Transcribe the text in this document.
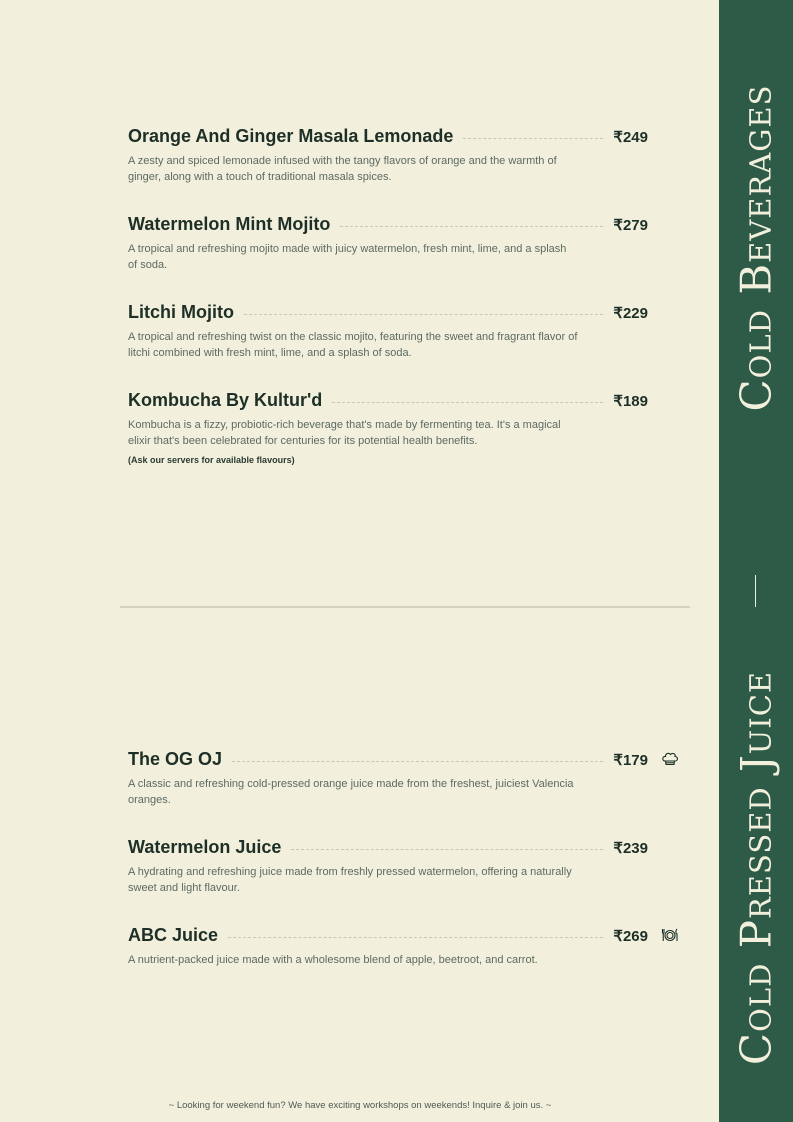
Cold Beverages
Cold Pressed Juice
Orange And Ginger Masala Lemonade	₹249
A zesty and spiced lemonade infused with the tangy flavors of orange and the warmth of ginger, along with a touch of traditional masala spices.
Watermelon Mint Mojito	₹279
A tropical and refreshing mojito made with juicy watermelon, fresh mint, lime, and a splash of soda.
Litchi Mojito	₹229
A tropical and refreshing twist on the classic mojito, featuring the sweet and fragrant flavor of litchi combined with fresh mint, lime, and a splash of soda.
Kombucha By Kultur'd	₹189
Kombucha is a fizzy, probiotic-rich beverage that's made by fermenting tea. It's a magical elixir that's been celebrated for centuries for its potential health benefits.
(Ask our servers for available flavours)
The OG OJ	₹179
A classic and refreshing cold-pressed orange juice made from the freshest, juiciest Valencia oranges.
Watermelon Juice	₹239
A hydrating and refreshing juice made from freshly pressed watermelon, offering a naturally sweet and light flavour.
ABC Juice	₹269
A nutrient-packed juice made with a wholesome blend of apple, beetroot, and carrot.
~ Looking for weekend fun? We have exciting workshops on weekends! Inquire & join us. ~
